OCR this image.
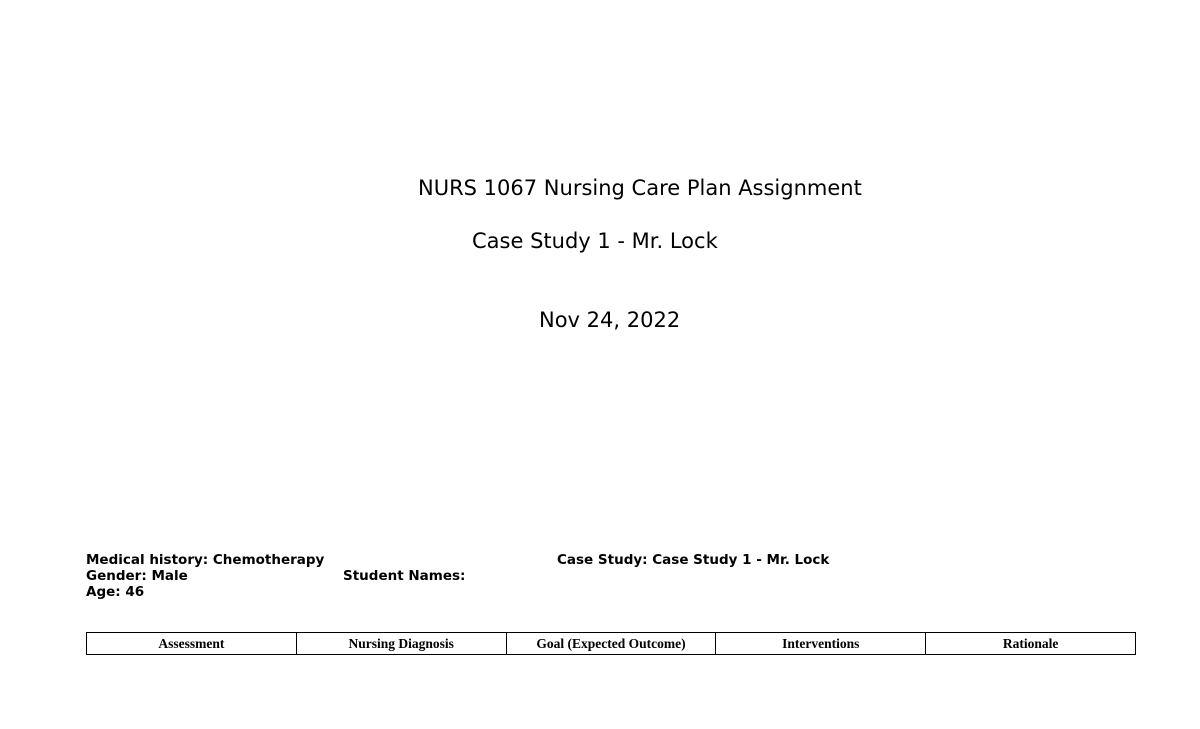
NURS 1067 Nursing Care Plan Assignment
Case Study 1 - Mr. Lock
Nov 24, 2022
Medical history: Chemotherapy
Gender: Male
Age: 46
Student Names:
Case Study: Case Study 1 - Mr. Lock
Assessment	Nursing Diagnosis	Goal (Expected Outcome)	Interventions	Rationale
